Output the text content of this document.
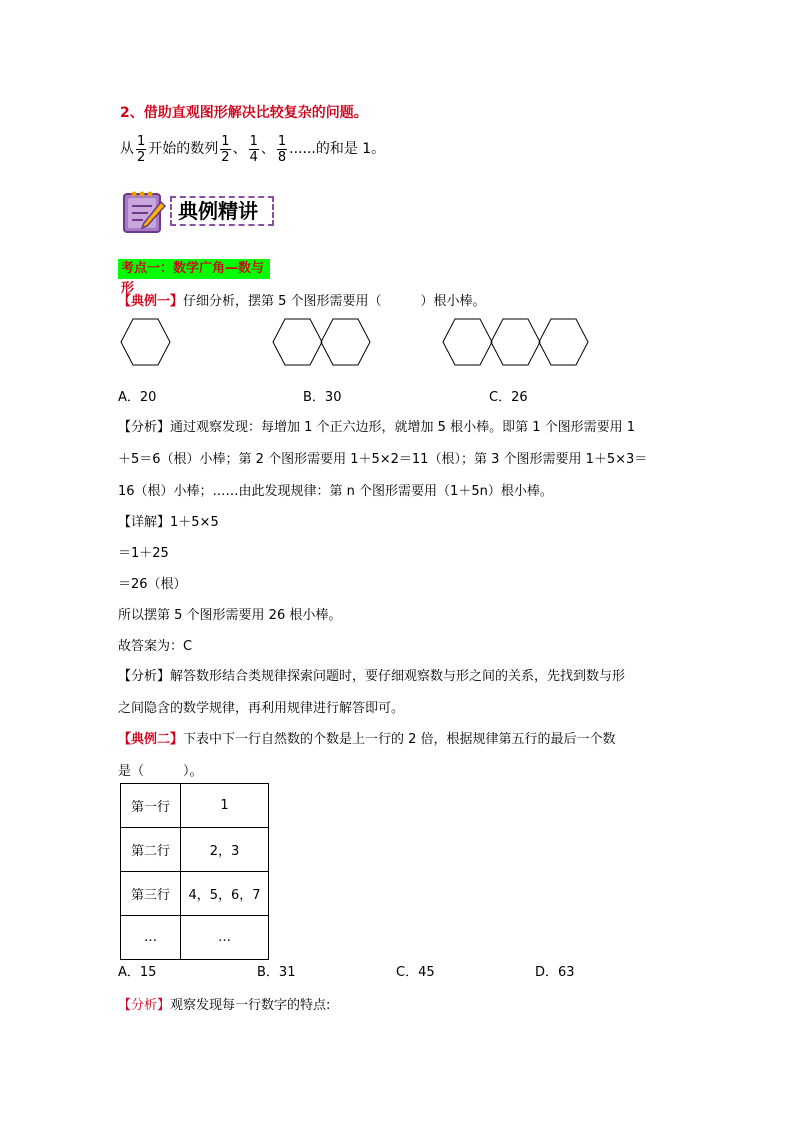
2、借助直观图形解决比较复杂的问题。
从 $\frac{1}{2}$ 开始的数列 $\frac{1}{2}$ 、 $\frac{1}{4}$ 、 $\frac{1}{8}$ ......的和是 1。
典例精讲
考点一：数学广角—数与形
【典例一】仔细分析，摆第 5 个图形需要用（　　　）根小棒。
A．20	B．30	C．26
【分析】通过观察发现：每增加 1 个正六边形，就增加 5 根小棒。即第 1 个图形需要用 1
＋5＝6（根）小棒；第 2 个图形需要用 1＋5×2＝11（根）；第 3 个图形需要用 1＋5×3＝
16（根）小棒；……由此发现规律：第 n 个图形需要用（1＋5n）根小棒。
【详解】1＋5×5
＝1＋25
＝26（根）
所以摆第 5 个图形需要用 26 根小棒。
故答案为：C
【分析】解答数形结合类规律探索问题时，要仔细观察数与形之间的关系，先找到数与形
之间隐含的数学规律，再利用规律进行解答即可。
【典例二】下表中下一行自然数的个数是上一行的 2 倍，根据规律第五行的最后一个数
是（　　　）。
第一行	1
第二行	2，3
第三行	4，5，6，7
…	…
A．15	B．31	C．45	D．63
【分析】观察发现每一行数字的特点:
